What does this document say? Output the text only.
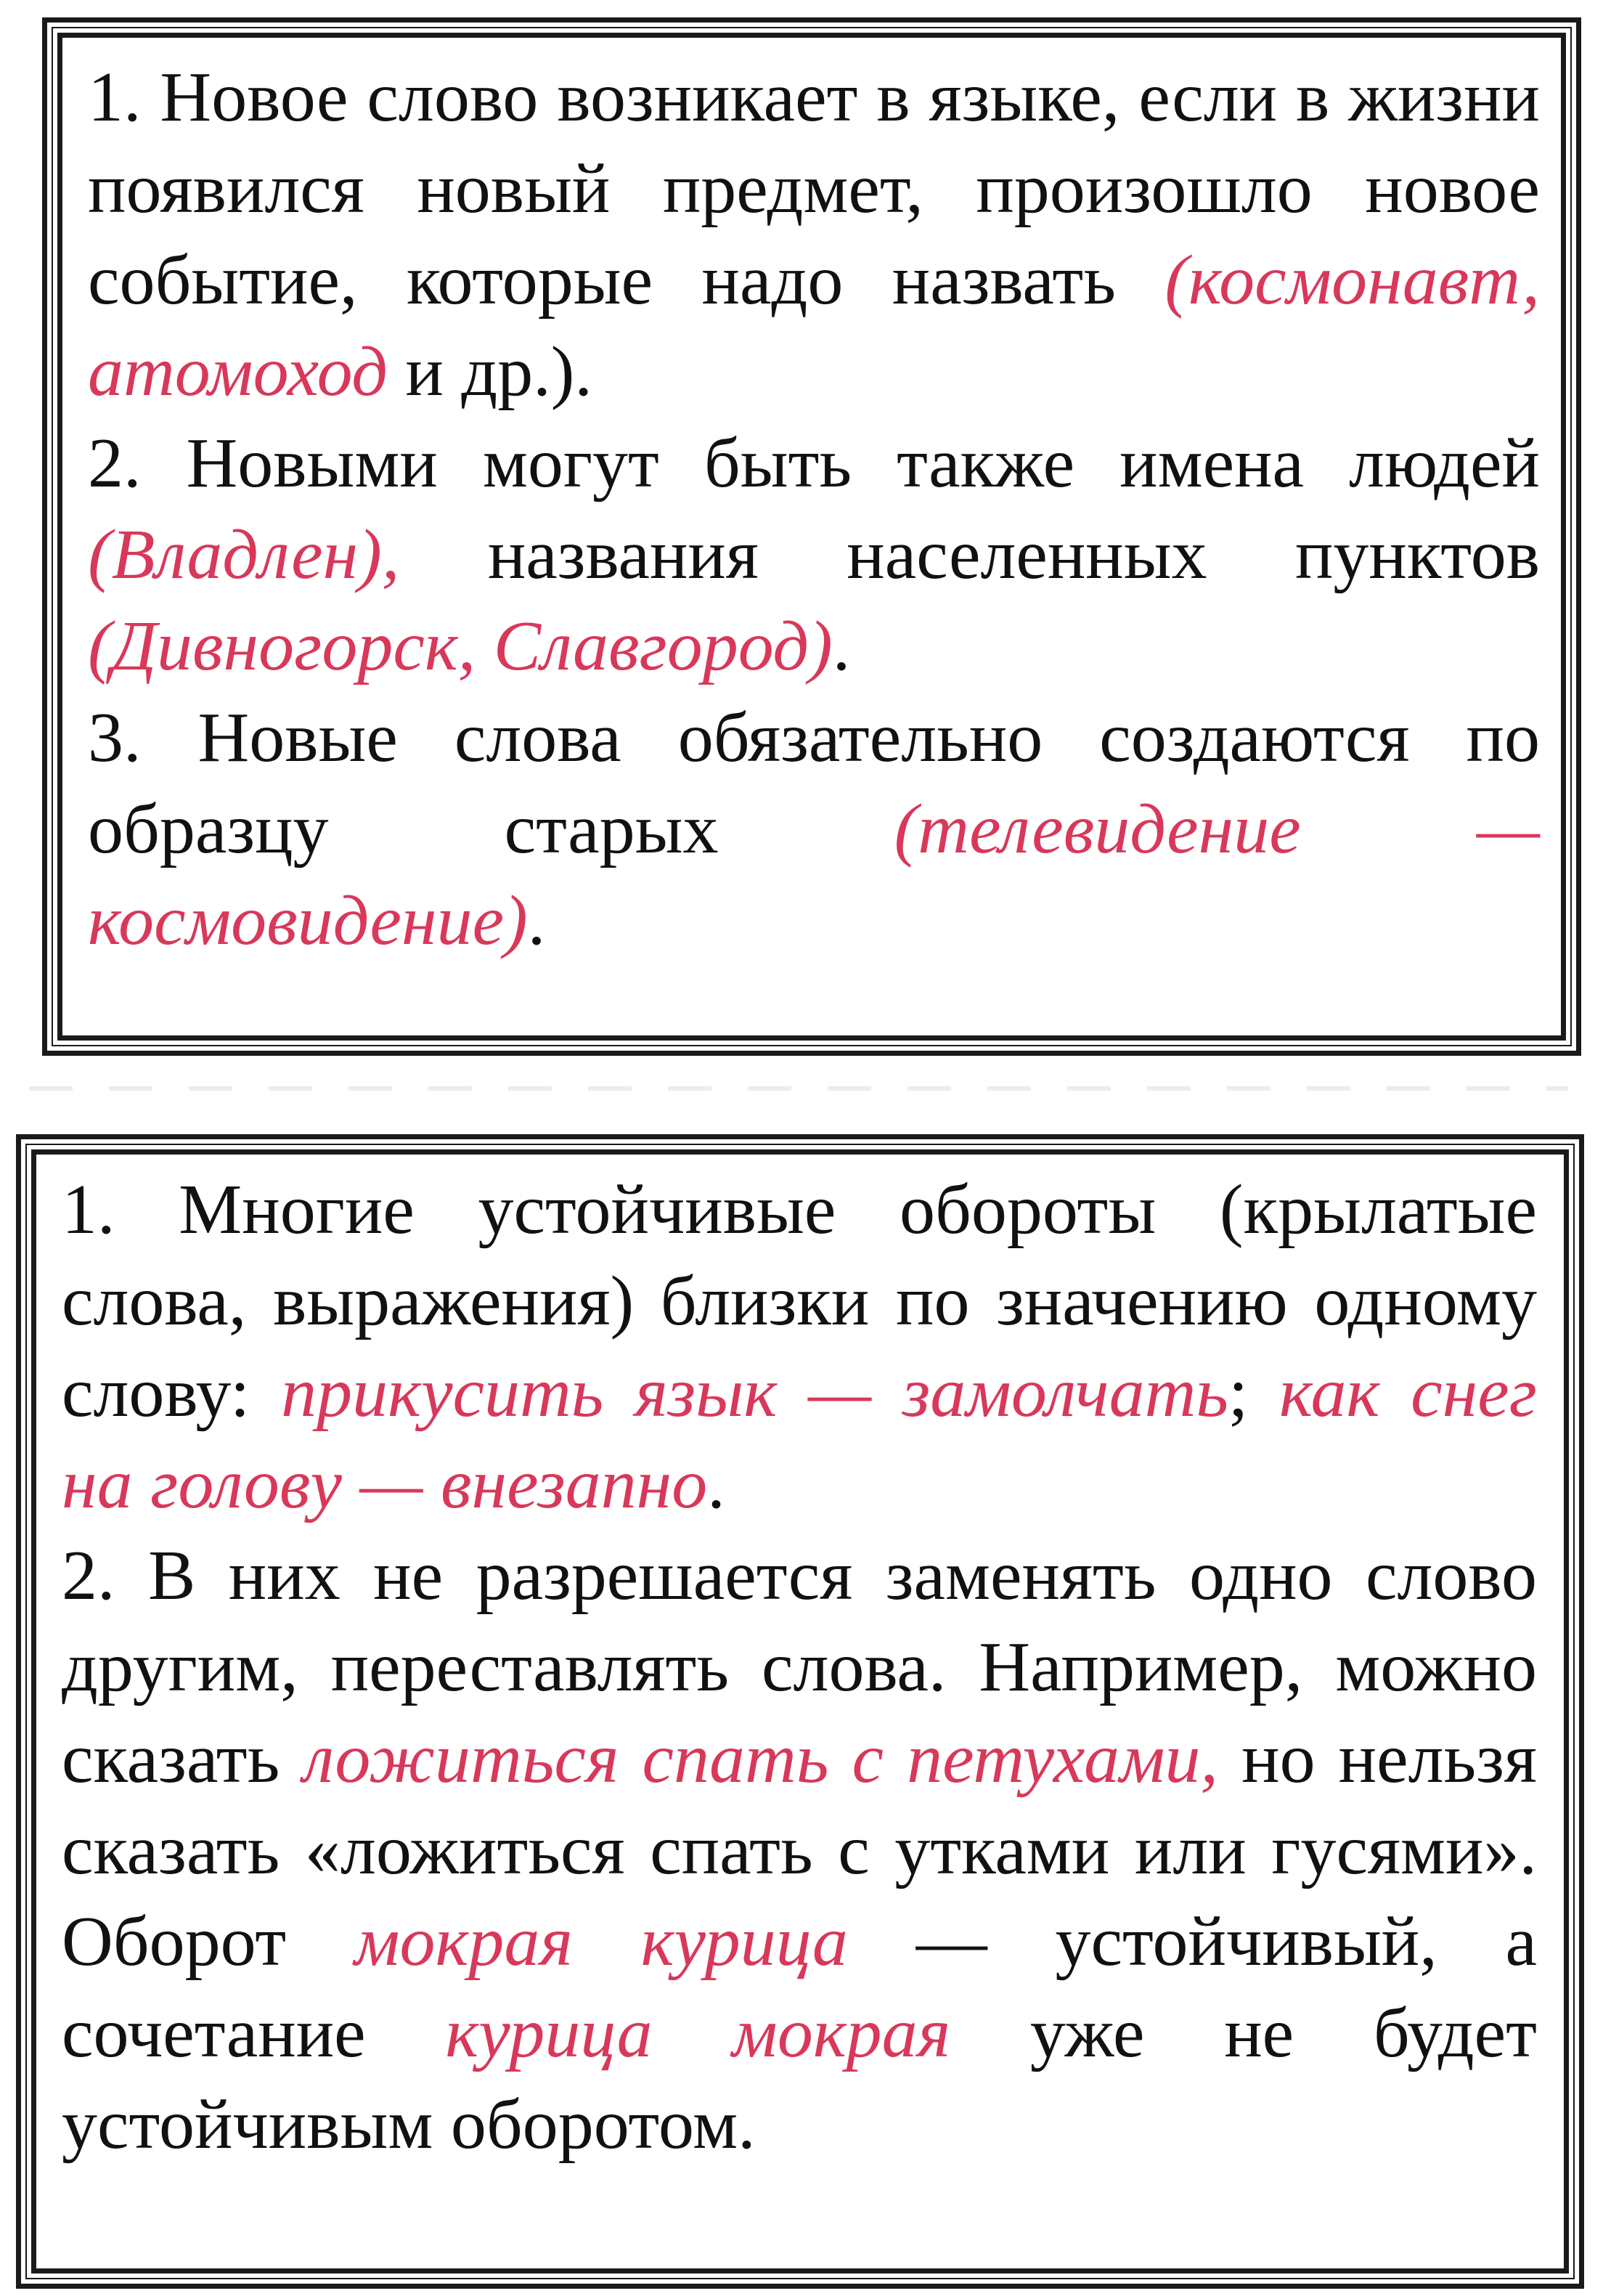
1. Новое слово возникает в языке, если в жизни появился новый предмет, произошло новое событие, которые надо назвать (космонавт, атомоход и др.).

2. Новыми могут быть также имена людей (Владлен), названия населенных пунктов (Дивногорск, Славгород).

3. Новые слова обязательно создаются по образцу старых (телевидение — космовидениe).

1. Многие устойчивые обороты (крылатые слова, выражения) близки по значению одному слову: прикусить язык — замолчать; как снег на голову — внезапно.

2. В них не разрешается заменять одно слово другим, переставлять слова. Например, можно сказать ложиться спать с петухами, но нельзя сказать «ложиться спать с утками или гусями». Оборот мокрая курица — устойчивый, а сочетание курица мокрая уже не будет устойчивым оборотом.
